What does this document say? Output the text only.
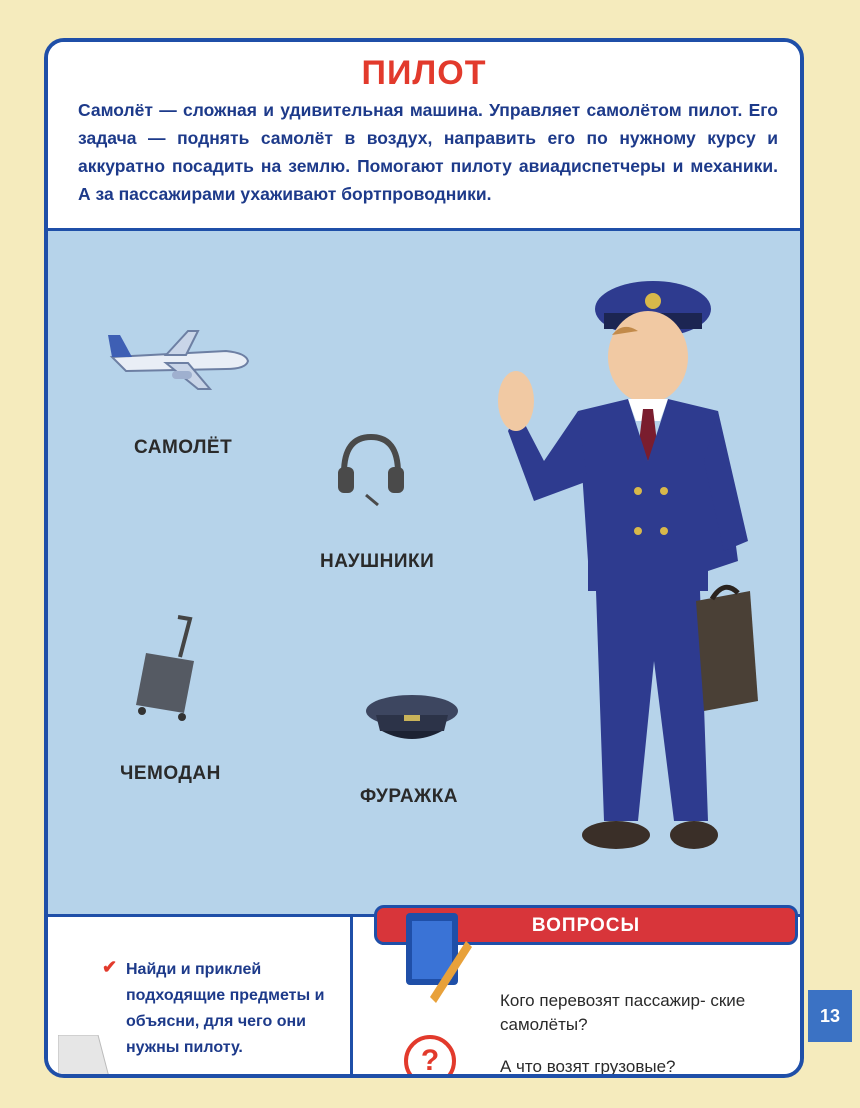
ПИЛОТ
Самолёт — сложная и удивительная машина. Управляет самолётом пилот. Его задача — поднять самолёт в воздух, направить его по нужному курсу и аккуратно посадить на землю. Помогают пилоту авиадиспетчеры и механики. А за пассажирами ухаживают бортпроводники.
САМОЛЁТ
НАУШНИКИ
ЧЕМОДАН
ФУРАЖКА
✔ Найди и приклей подходящие предметы и объясни, для чего они нужны пилоту.
ВОПРОСЫ
Кого перевозят пассажир- ские самолёты?
?	А что возят грузовые?
13
